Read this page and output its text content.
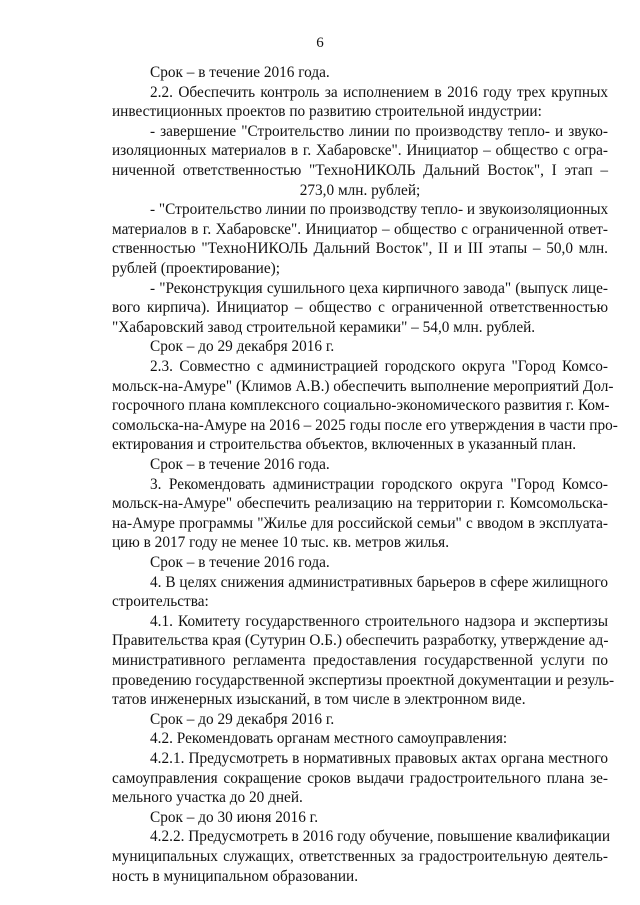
6
Срок – в течение 2016 года.
2.2. Обеспечить контроль за исполнением в 2016 году трех крупных
инвестиционных проектов по развитию строительной индустрии:
- завершение "Строительство линии по производству тепло- и звуко-
изоляционных материалов в г. Хабаровске". Инициатор – общество с огра-
ниченной ответственностью "ТехноНИКОЛЬ Дальний Восток", I этап –
273,0 млн. рублей;
- "Строительство линии по производству тепло- и звукоизоляционных
материалов в г. Хабаровске". Инициатор – общество с ограниченной ответ-
ственностью "ТехноНИКОЛЬ Дальний Восток", II и III этапы – 50,0 млн.
рублей (проектирование);
- "Реконструкция сушильного цеха кирпичного завода" (выпуск лице-
вого кирпича). Инициатор – общество с ограниченной ответственностью
"Хабаровский завод строительной керамики" – 54,0 млн. рублей.
Срок – до 29 декабря 2016 г.
2.3. Совместно с администрацией городского округа "Город Комсо-
мольск-на-Амуре" (Климов А.В.) обеспечить выполнение мероприятий Дол-
госрочного плана комплексного социально-экономического развития г. Ком-
сомольска-на-Амуре на 2016 – 2025 годы после его утверждения в части про-
ектирования и строительства объектов, включенных в указанный план.
Срок – в течение 2016 года.
3. Рекомендовать администрации городского округа "Город Комсо-
мольск-на-Амуре" обеспечить реализацию на территории г. Комсомольска-
на-Амуре программы "Жилье для российской семьи" с вводом в эксплуата-
цию в 2017 году не менее 10 тыс. кв. метров жилья.
Срок – в течение 2016 года.
4. В целях снижения административных барьеров в сфере жилищного
строительства:
4.1. Комитету государственного строительного надзора и экспертизы
Правительства края (Сутурин О.Б.) обеспечить разработку, утверждение ад-
министративного регламента предоставления государственной услуги по
проведению государственной экспертизы проектной документации и резуль-
татов инженерных изысканий, в том числе в электронном виде.
Срок – до 29 декабря 2016 г.
4.2. Рекомендовать органам местного самоуправления:
4.2.1. Предусмотреть в нормативных правовых актах органа местного
самоуправления сокращение сроков выдачи градостроительного плана зе-
мельного участка до 20 дней.
Срок – до 30 июня 2016 г.
4.2.2. Предусмотреть в 2016 году обучение, повышение квалификации
муниципальных служащих, ответственных за градостроительную деятель-
ность в муниципальном образовании.
